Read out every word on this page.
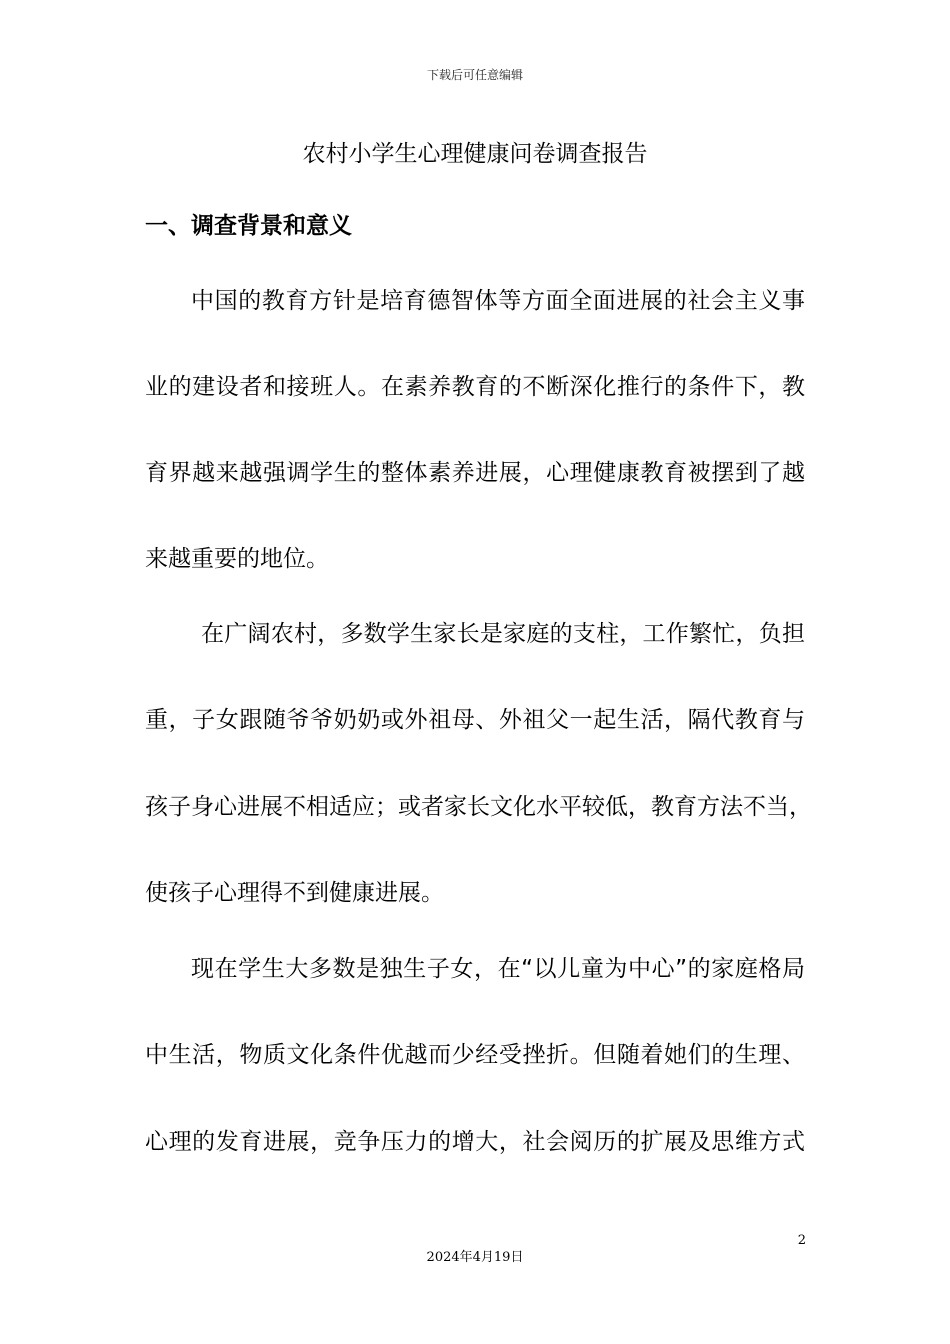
下载后可任意编辑
农村小学生心理健康问卷调查报告
一、调查背景和意义
中国的教育方针是培育德智体等方面全面进展的社会主义事
业的建设者和接班人。在素养教育的不断深化推行的条件下，教
育界越来越强调学生的整体素养进展，心理健康教育被摆到了越
来越重要的地位。
在广阔农村，多数学生家长是家庭的支柱，工作繁忙，负担
重，子女跟随爷爷奶奶或外祖母、外祖父一起生活，隔代教育与
孩子身心进展不相适应；或者家长文化水平较低，教育方法不当，
使孩子心理得不到健康进展。
现在学生大多数是独生子女，在“以儿童为中心”的家庭格局
中生活，物质文化条件优越而少经受挫折。但随着她们的生理、
心理的发育进展，竞争压力的增大，社会阅历的扩展及思维方式
2
2024年4月19日
